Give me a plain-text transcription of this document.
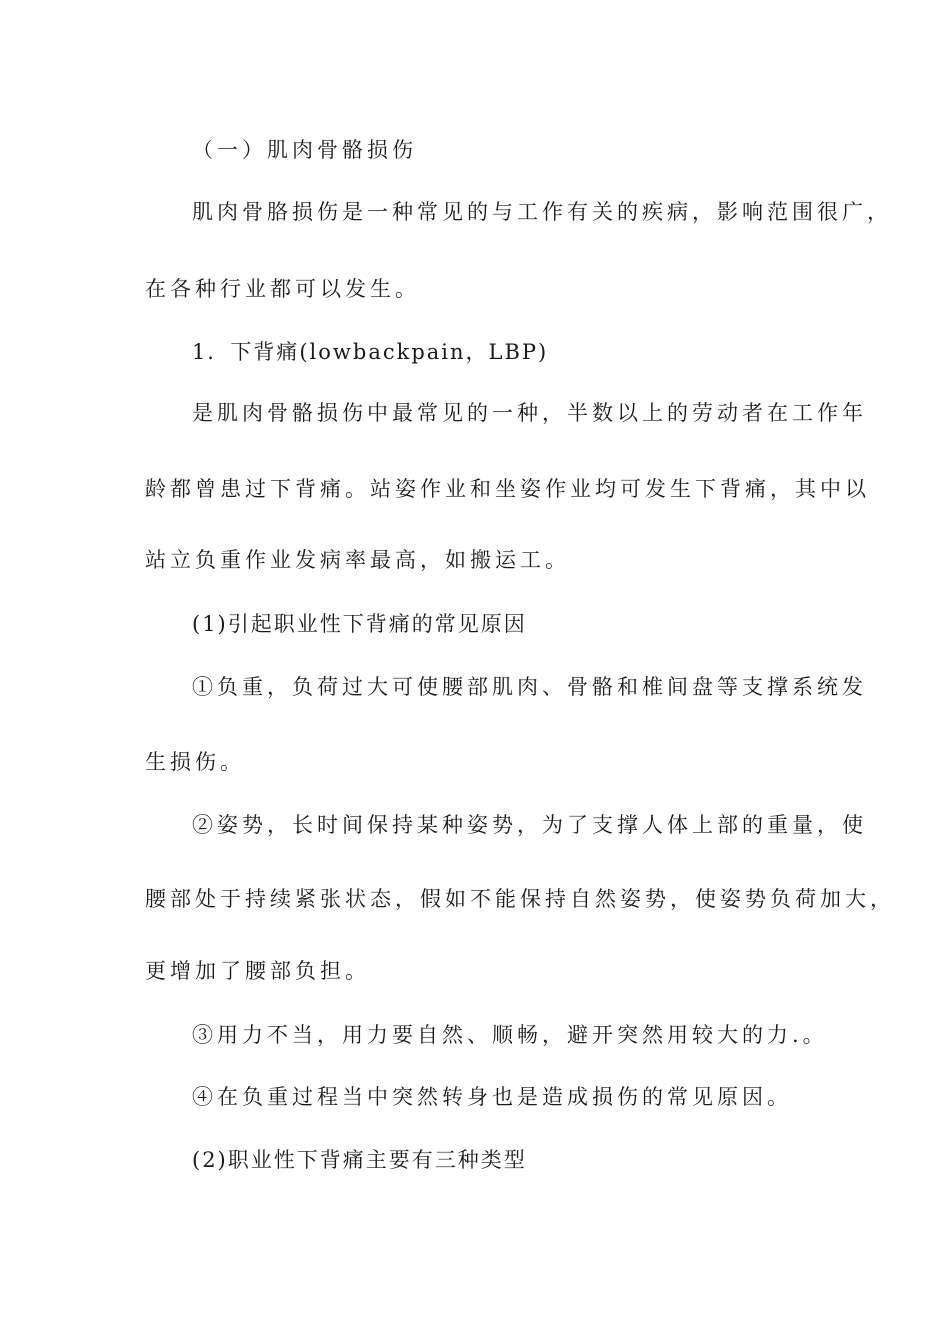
（一）肌肉骨骼损伤
肌肉骨胳损伤是一种常见的与工作有关的疾病，影响范围很广，
在各种行业都可以发生。
1．下背痛(lowbackpain，LBP)
是肌肉骨骼损伤中最常见的一种，半数以上的劳动者在工作年
龄都曾患过下背痛。站姿作业和坐姿作业均可发生下背痛，其中以
站立负重作业发病率最高，如搬运工。
(1)引起职业性下背痛的常见原因
①负重，负荷过大可使腰部肌肉、骨骼和椎间盘等支撑系统发
生损伤。
②姿势，长时间保持某种姿势，为了支撑人体上部的重量，使
腰部处于持续紧张状态，假如不能保持自然姿势，使姿势负荷加大，
更增加了腰部负担。
③用力不当，用力要自然、顺畅，避开突然用较大的力.。
④在负重过程当中突然转身也是造成损伤的常见原因。
(2)职业性下背痛主要有三种类型
